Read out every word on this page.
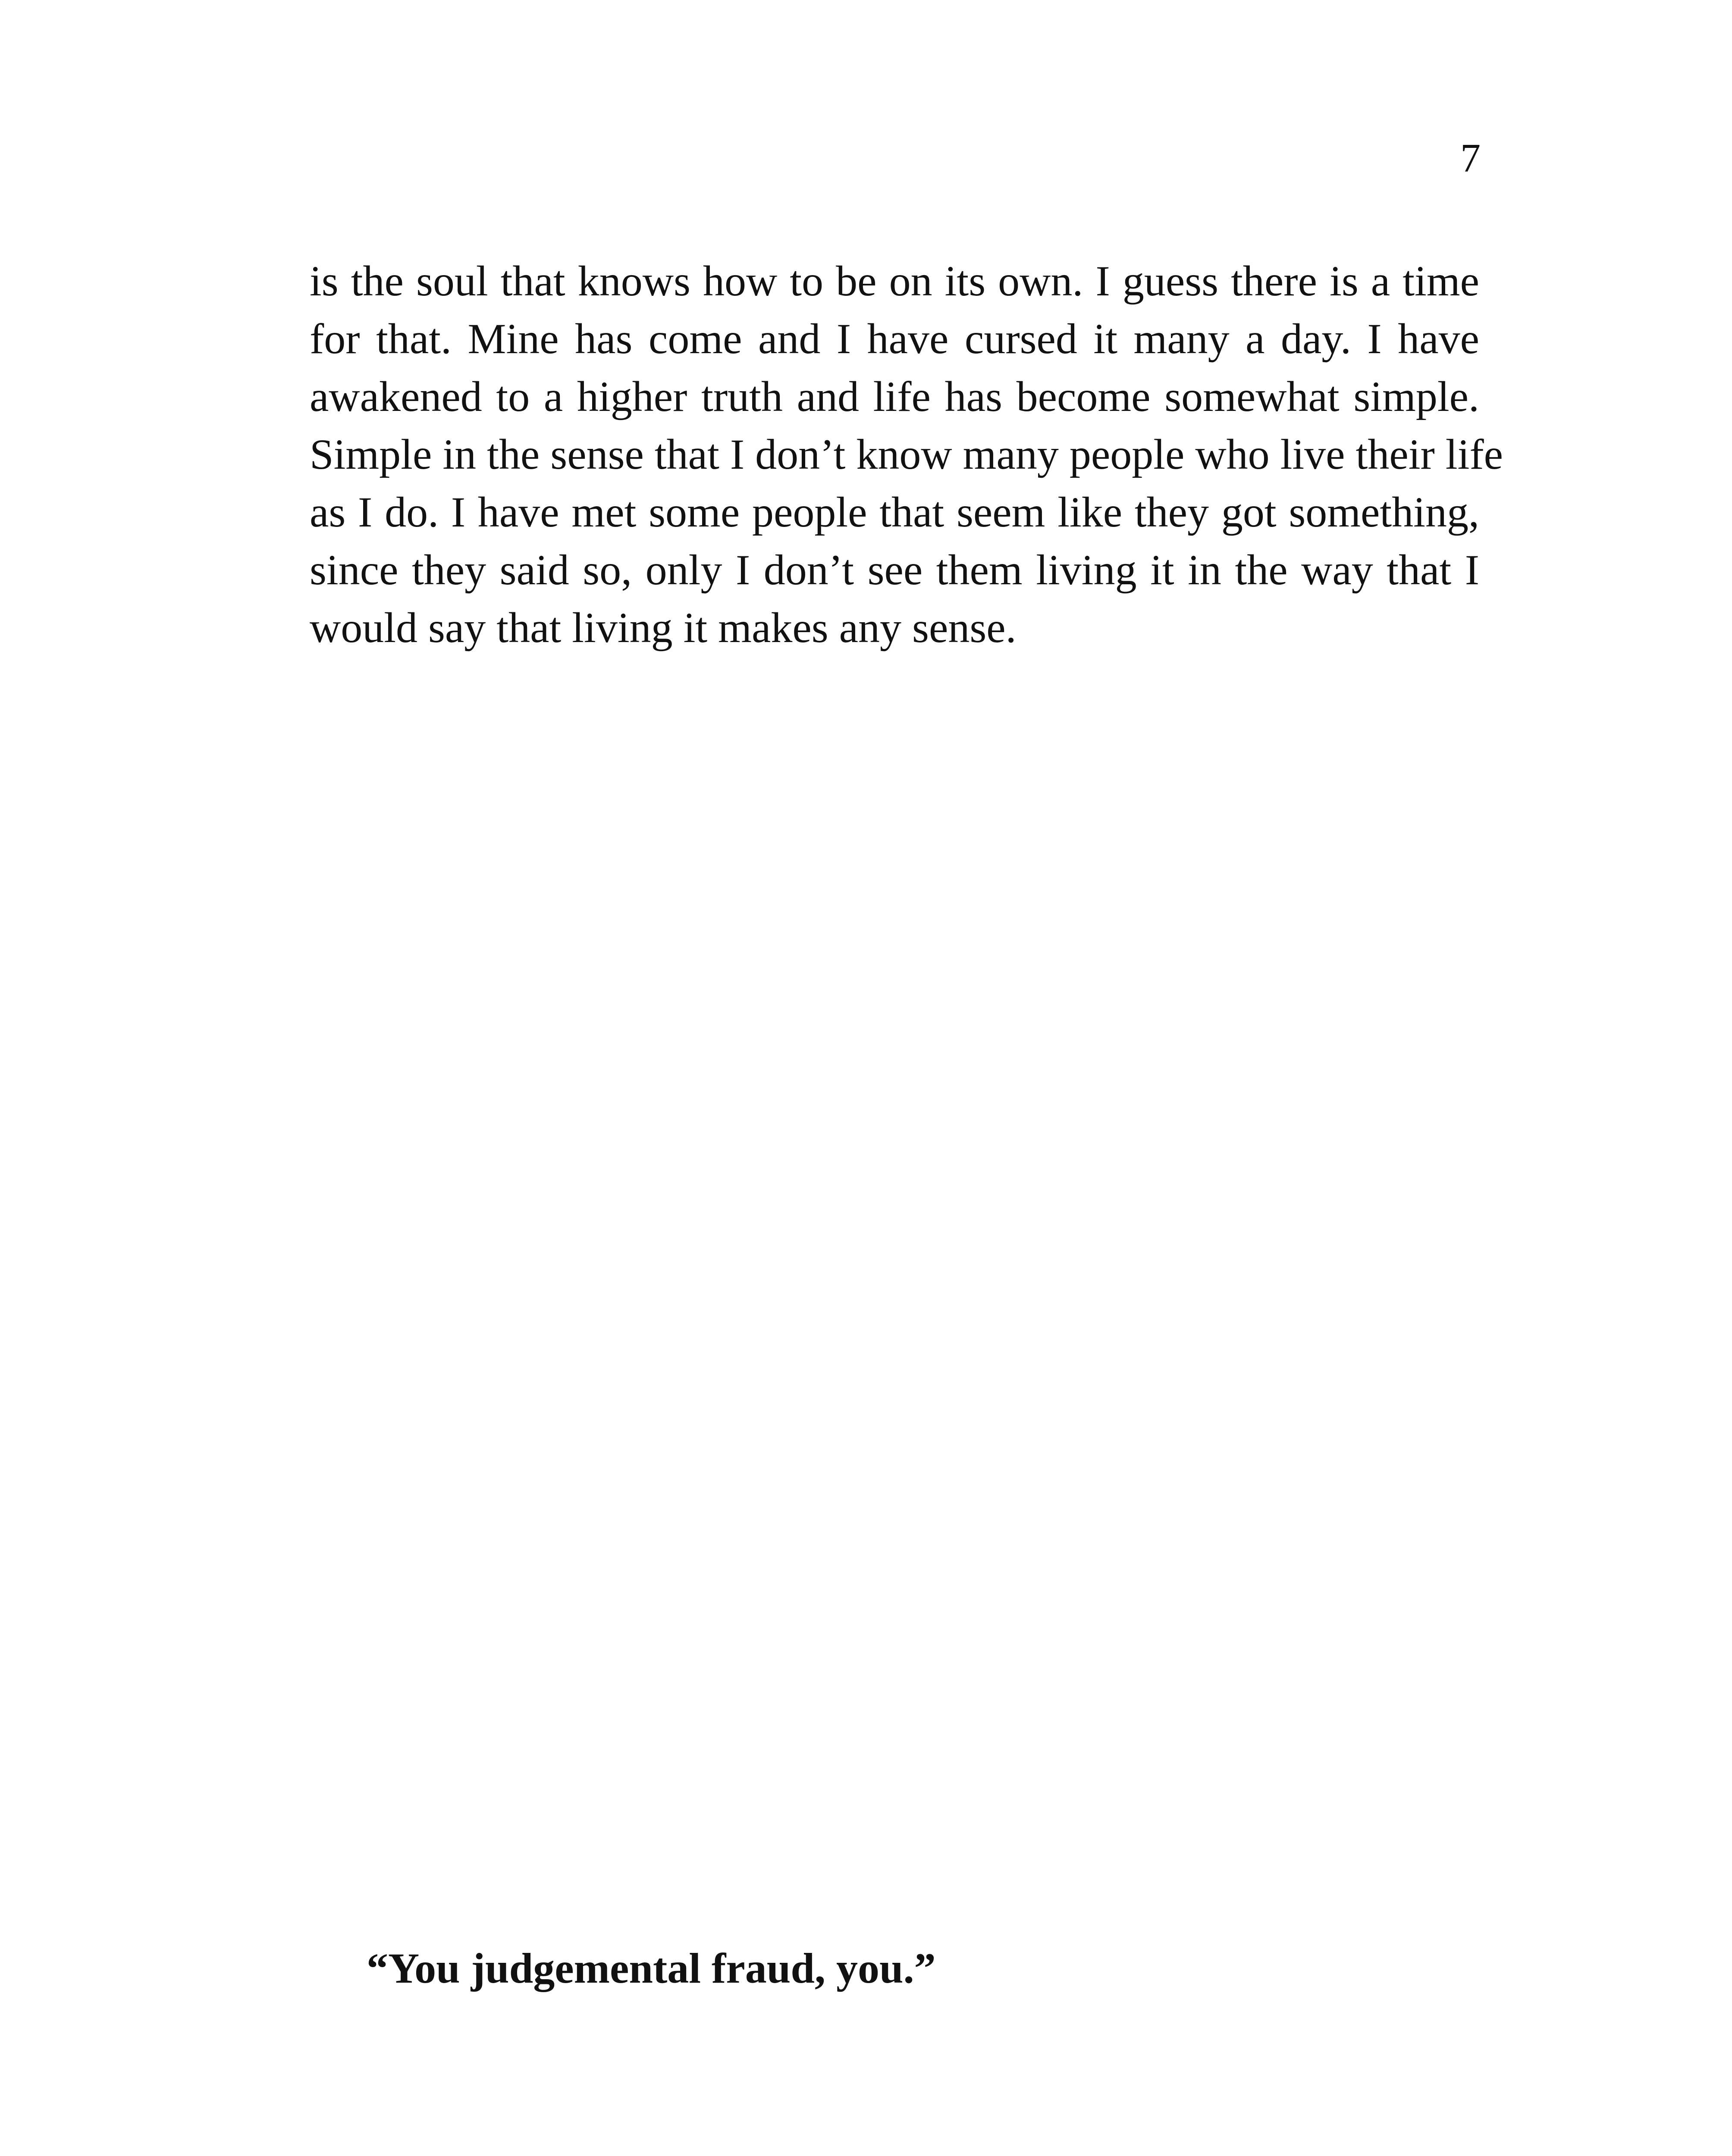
7
is the soul that knows how to be on its own. I guess there is a time
for that. Mine has come and I have cursed it many a day. I have
awakened to a higher truth and life has become somewhat simple.
Simple in the sense that I don’t know many people who live their life
as I do. I have met some people that seem like they got something,
since they said so, only I don’t see them living it in the way that I
would say that living it makes any sense.
“You judgemental fraud, you.”
